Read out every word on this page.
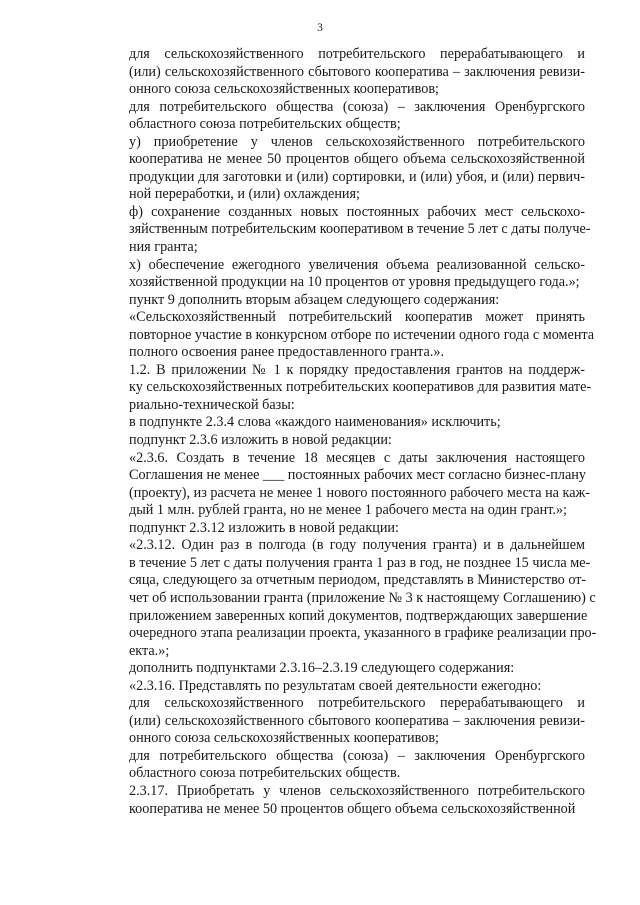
3

для сельскохозяйственного потребительского перерабатывающего и
(или) сельскохозяйственного сбытового кооператива – заключения ревизи-
онного союза сельскохозяйственных кооперативов;

для потребительского общества (союза) – заключения Оренбургского
областного союза потребительских обществ;

у) приобретение у членов сельскохозяйственного потребительского
кооператива не менее 50 процентов общего объема сельскохозяйственной
продукции для заготовки и (или) сортировки, и (или) убоя, и (или) первич-
ной переработки, и (или) охлаждения;

ф) сохранение созданных новых постоянных рабочих мест сельскохо-
зяйственным потребительским кооперативом в течение 5 лет с даты получе-
ния гранта;

х) обеспечение ежегодного увеличения объема реализованной сельско-
хозяйственной продукции на 10 процентов от уровня предыдущего года.»;

пункт 9 дополнить вторым абзацем следующего содержания:

«Сельскохозяйственный потребительский кооператив может принять
повторное участие в конкурсном отборе по истечении одного года с момента
полного освоения ранее предоставленного гранта.».

1.2. В приложении № 1 к порядку предоставления грантов на поддерж-
ку сельскохозяйственных потребительских кооперативов для развития мате-
риально-технической базы:

в подпункте 2.3.4 слова «каждого наименования» исключить;

подпункт 2.3.6 изложить в новой редакции:

«2.3.6. Создать в течение 18 месяцев с даты заключения настоящего
Соглашения не менее ___ постоянных рабочих мест согласно бизнес-плану
(проекту), из расчета не менее 1 нового постоянного рабочего места на каж-
дый 1 млн. рублей гранта, но не менее 1 рабочего места на один грант.»;

подпункт 2.3.12 изложить в новой редакции:

«2.3.12. Один раз в полгода (в году получения гранта) и в дальнейшем
в течение 5 лет с даты получения гранта 1 раз в год, не позднее 15 числа ме-
сяца, следующего за отчетным периодом, представлять в Министерство от-
чет об использовании гранта (приложение № 3 к настоящему Соглашению) с
приложением заверенных копий документов, подтверждающих завершение
очередного этапа реализации проекта, указанного в графике реализации про-
екта.»;

дополнить подпунктами 2.3.16–2.3.19 следующего содержания:

«2.3.16. Представлять по результатам своей деятельности ежегодно:

для сельскохозяйственного потребительского перерабатывающего и
(или) сельскохозяйственного сбытового кооператива – заключения ревизи-
онного союза сельскохозяйственных кооперативов;

для потребительского общества (союза) – заключения Оренбургского
областного союза потребительских обществ.

2.3.17. Приобретать у членов сельскохозяйственного потребительского
кооператива не менее 50 процентов общего объема сельскохозяйственной
